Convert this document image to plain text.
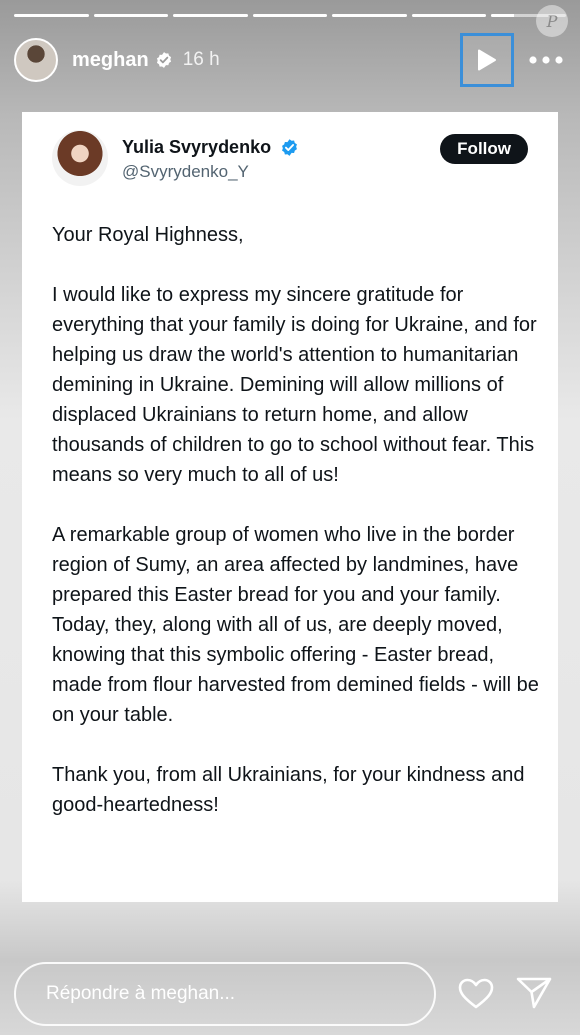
P
meghan 16 h
Yulia Svyrydenko
@Svyrydenko_Y
Follow

Your Royal Highness,

I would like to express my sincere gratitude for everything that your family is doing for Ukraine, and for helping us draw the world's attention to humanitarian demining in Ukraine. Demining will allow millions of displaced Ukrainians to return home, and allow thousands of children to go to school without fear. This means so very much to all of us!

A remarkable group of women who live in the border region of Sumy, an area affected by landmines, have prepared this Easter bread for you and your family. Today, they, along with all of us, are deeply moved, knowing that this symbolic offering - Easter bread, made from flour harvested from demined fields - will be on your table.

Thank you, from all Ukrainians, for your kindness and good-heartedness!

Répondre à meghan...
